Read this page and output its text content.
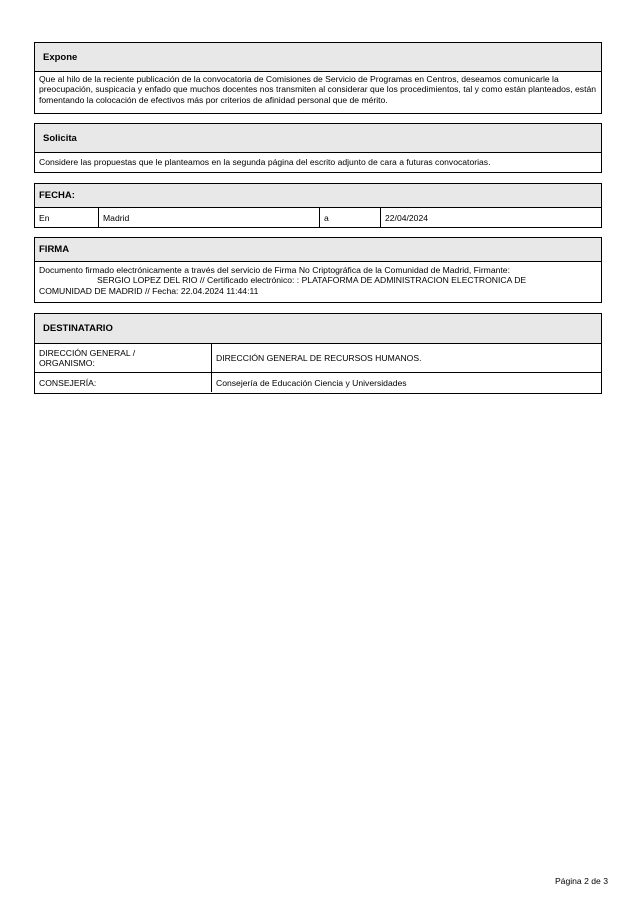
Expone
Que al hilo de la reciente publicación de la convocatoria de Comisiones de Servicio de Programas en Centros, deseamos comunicarle la preocupación, suspicacia y enfado que muchos docentes nos transmiten al considerar que los procedimientos, tal y como están planteados, están fomentando la colocación de efectivos más por criterios de afinidad personal que de mérito.
Solicita
Considere las propuestas que le planteamos en la segunda página del escrito adjunto de cara a futuras convocatorias.
FECHA:
En	Madrid	a	22/04/2024
FIRMA
Documento firmado electrónicamente a través del servicio de Firma No Criptográfica de la Comunidad de Madrid, Firmante:
SERGIO LOPEZ DEL RIO // Certificado electrónico: : PLATAFORMA DE ADMINISTRACION ELECTRONICA DE
COMUNIDAD DE MADRID // Fecha: 22.04.2024 11:44:11
DESTINATARIO
DIRECCIÓN GENERAL / ORGANISMO:	DIRECCIÓN GENERAL DE RECURSOS HUMANOS.
CONSEJERÍA:	Consejería de Educación Ciencia y Universidades
Página 2 de 3
